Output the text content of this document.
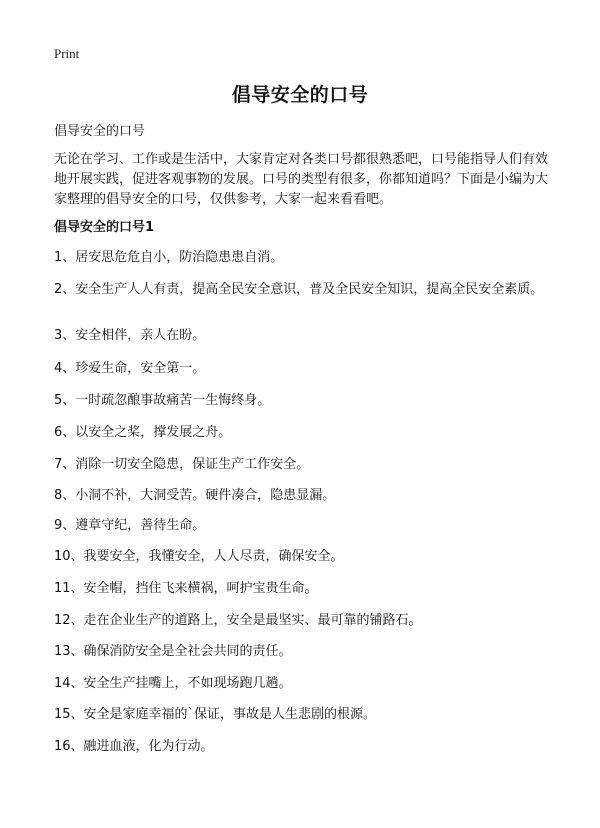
Print
倡导安全的口号
倡导安全的口号
无论在学习、工作或是生活中，大家肯定对各类口号都很熟悉吧，口号能指导人们有效地开展实践，促进客观事物的发展。口号的类型有很多，你都知道吗？下面是小编为大家整理的倡导安全的口号，仅供参考，大家一起来看看吧。
倡导安全的口号1
1、居安思危危自小，防治隐患患自消。
2、安全生产人人有责，提高全民安全意识，普及全民安全知识，提高全民安全素质。
3、安全相伴，亲人在盼。
4、珍爱生命，安全第一。
5、一时疏忽酿事故痛苦一生悔终身。
6、以安全之桨，撑发展之舟。
7、消除一切安全隐患，保证生产工作安全。
8、小洞不补，大洞受苦。硬件凑合，隐患显漏。
9、遵章守纪，善待生命。
10、我要安全，我懂安全，人人尽责，确保安全。
11、安全帽，挡住飞来横祸，呵护宝贵生命。
12、走在企业生产的道路上，安全是最坚实、最可靠的铺路石。
13、确保消防安全是全社会共同的责任。
14、安全生产挂嘴上，不如现场跑几趟。
15、安全是家庭幸福的`保证，事故是人生悲剧的根源。
16、融进血液，化为行动。
